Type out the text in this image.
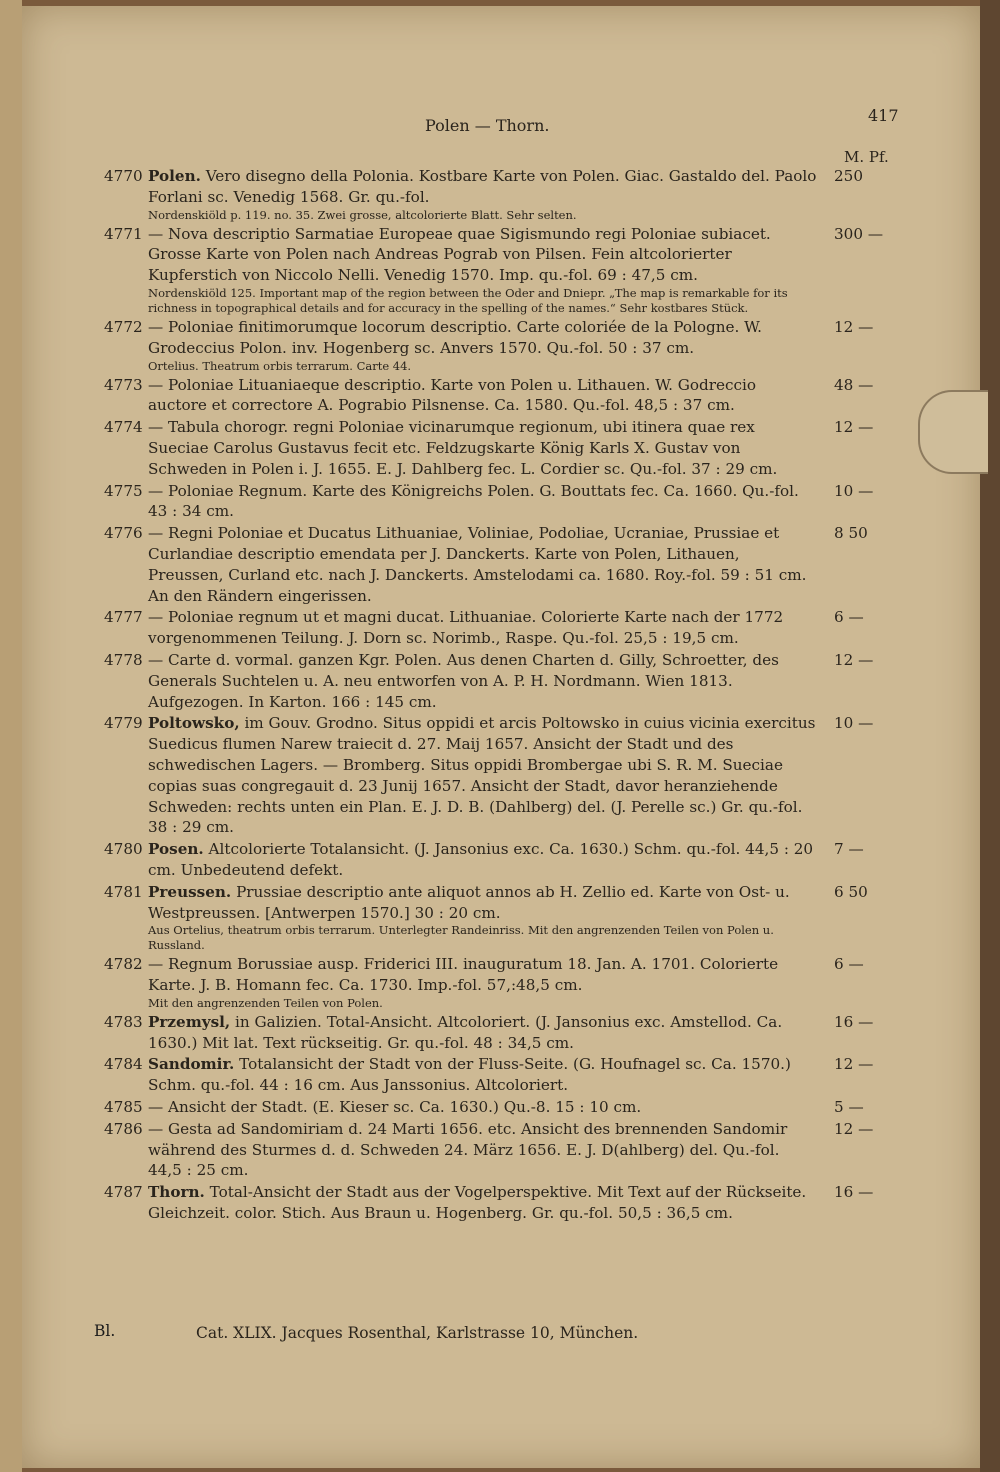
Polen — Thorn.
417
M. Pf.
4770 Polen. Vero disegno della Polonia. Kostbare Karte von Polen. Giac. Gastaldo del. Paolo Forlani sc. Venedig 1568. Gr. qu.-fol.
Nordenskiöld p. 119. no. 35. Zwei grosse, altcolorierte Blatt. Sehr selten.
250
4771 — Nova descriptio Sarmatiae Europeae quae Sigismundo regi Poloniae subiacet. Grosse Karte von Polen nach Andreas Pograb von Pilsen. Fein altcolorierter Kupferstich von Niccolo Nelli. Venedig 1570. Imp. qu.-fol. 69 : 47,5 cm.
Nordenskiöld 125. Important map of the region between the Oder and Dniepr. „The map is remarkable for its richness in topographical details and for accuracy in the spelling of the names.“ Sehr kostbares Stück.
300 —
4772 — Poloniae finitimorumque locorum descriptio. Carte coloriée de la Pologne. W. Grodeccius Polon. inv. Hogenberg sc. Anvers 1570. Qu.-fol. 50 : 37 cm.
Ortelius. Theatrum orbis terrarum. Carte 44.
12 —
4773 — Poloniae Lituaniaeque descriptio. Karte von Polen u. Lithauen. W. Godreccio auctore et correctore A. Pograbio Pilsnense. Ca. 1580. Qu.-fol. 48,5 : 37 cm.
48 —
4774 — Tabula chorogr. regni Poloniae vicinarumque regionum, ubi itinera quae rex Sueciae Carolus Gustavus fecit etc. Feldzugskarte König Karls X. Gustav von Schweden in Polen i. J. 1655. E. J. Dahlberg fec. L. Cordier sc. Qu.-fol. 37 : 29 cm.
12 —
4775 — Poloniae Regnum. Karte des Königreichs Polen. G. Bouttats fec. Ca. 1660. Qu.-fol. 43 : 34 cm.
10 —
4776 — Regni Poloniae et Ducatus Lithuaniae, Voliniae, Podoliae, Ucraniae, Prussiae et Curlandiae descriptio emendata per J. Danckerts. Karte von Polen, Lithauen, Preussen, Curland etc. nach J. Danckerts. Amstelodami ca. 1680. Roy.-fol. 59 : 51 cm. An den Rändern eingerissen.
8 50
4777 — Poloniae regnum ut et magni ducat. Lithuaniae. Colorierte Karte nach der 1772 vorgenommenen Teilung. J. Dorn sc. Norimb., Raspe. Qu.-fol. 25,5 : 19,5 cm.
6 —
4778 — Carte d. vormal. ganzen Kgr. Polen. Aus denen Charten d. Gilly, Schroetter, des Generals Suchtelen u. A. neu entworfen von A. P. H. Nordmann. Wien 1813. Aufgezogen. In Karton. 166 : 145 cm.
12 —
4779 Poltowsko, im Gouv. Grodno. Situs oppidi et arcis Poltowsko in cuius vicinia exercitus Suedicus flumen Narew traiecit d. 27. Maij 1657. Ansicht der Stadt und des schwedischen Lagers. — Bromberg. Situs oppidi Brombergae ubi S. R. M. Sueciae copias suas congregauit d. 23 Junij 1657. Ansicht der Stadt, davor heranziehende Schweden: rechts unten ein Plan. E. J. D. B. (Dahlberg) del. (J. Perelle sc.) Gr. qu.-fol. 38 : 29 cm.
10 —
4780 Posen. Altcolorierte Totalansicht. (J. Jansonius exc. Ca. 1630.) Schm. qu.-fol. 44,5 : 20 cm. Unbedeutend defekt.
7 —
4781 Preussen. Prussiae descriptio ante aliquot annos ab H. Zellio ed. Karte von Ost- u. Westpreussen. [Antwerpen 1570.] 30 : 20 cm.
Aus Ortelius, theatrum orbis terrarum. Unterlegter Randeinriss. Mit den angrenzenden Teilen von Polen u. Russland.
6 50
4782 — Regnum Borussiae ausp. Friderici III. inauguratum 18. Jan. A. 1701. Colorierte Karte. J. B. Homann fec. Ca. 1730. Imp.-fol. 57,:48,5 cm.
Mit den angrenzenden Teilen von Polen.
6 —
4783 Przemysl, in Galizien. Total-Ansicht. Altcoloriert. (J. Jansonius exc. Amstellod. Ca. 1630.) Mit lat. Text rückseitig. Gr. qu.-fol. 48 : 34,5 cm.
16 —
4784 Sandomir. Totalansicht der Stadt von der Fluss-Seite. (G. Houfnagel sc. Ca. 1570.) Schm. qu.-fol. 44 : 16 cm. Aus Janssonius. Altcoloriert.
12 —
4785 — Ansicht der Stadt. (E. Kieser sc. Ca. 1630.) Qu.-8. 15 : 10 cm.	5 —
4786 — Gesta ad Sandomiriam d. 24 Marti 1656. etc. Ansicht des brennenden Sandomir während des Sturmes d. d. Schweden 24. März 1656. E. J. D(ahlberg) del. Qu.-fol. 44,5 : 25 cm.
12 —
4787 Thorn. Total-Ansicht der Stadt aus der Vogelperspektive. Mit Text auf der Rückseite. Gleichzeit. color. Stich. Aus Braun u. Hogenberg. Gr. qu.-fol. 50,5 : 36,5 cm.
16 —
Bl.	Cat. XLIX. Jacques Rosenthal, Karlstrasse 10, München.
